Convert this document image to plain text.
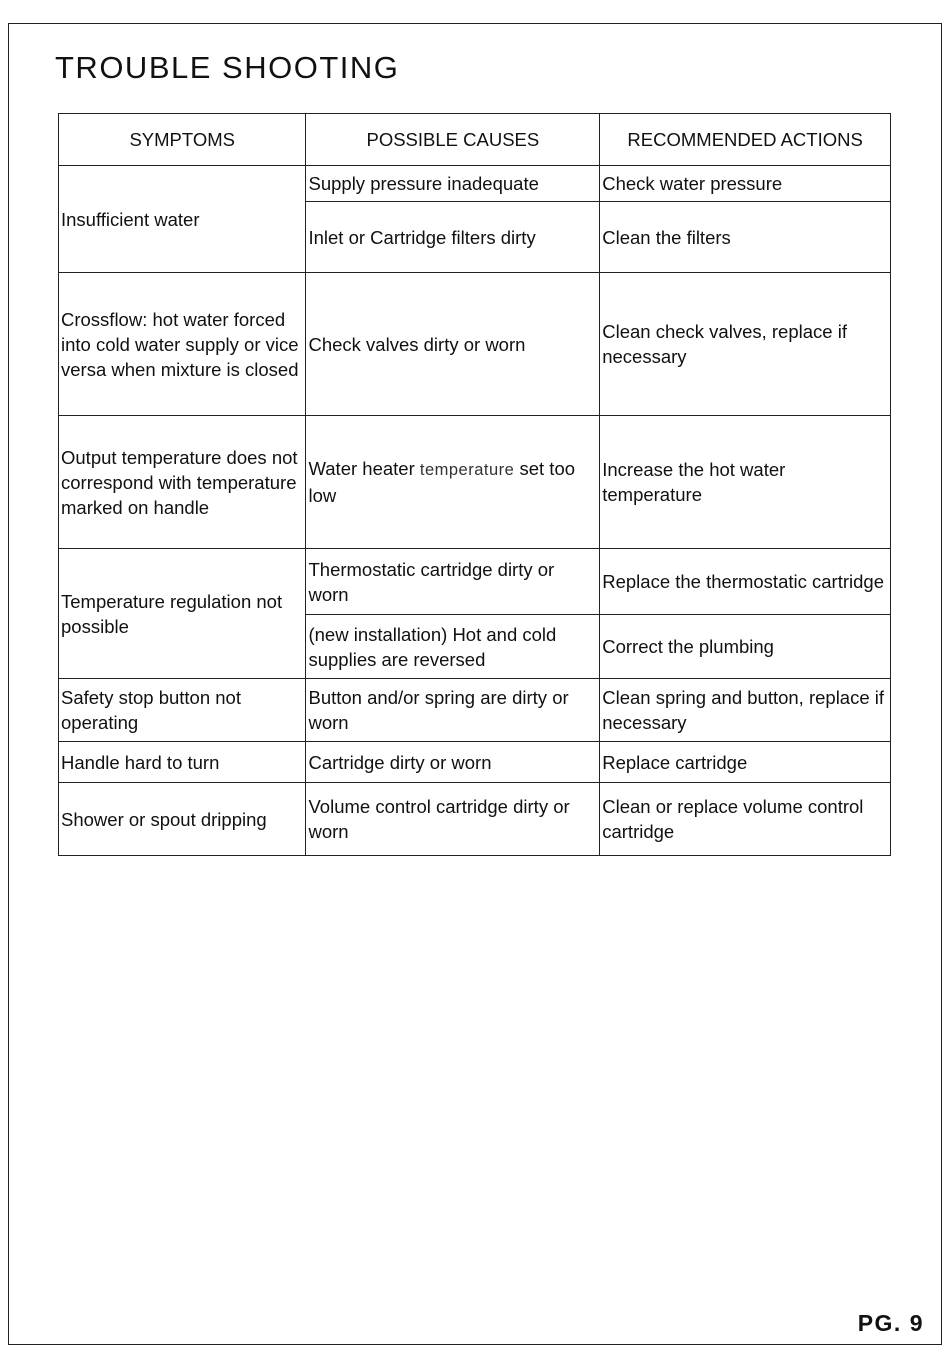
TROUBLE SHOOTING
SYMPTOMS	POSSIBLE CAUSES	RECOMMENDED ACTIONS
Insufficient water	Supply pressure inadequate	Check water pressure
	Inlet or Cartridge filters dirty	Clean the filters
Crossflow: hot water forced into cold water supply or vice versa when mixture is closed	Check valves dirty or worn	Clean check valves, replace if necessary
Output temperature does not correspond with temperature marked on handle	Water heater temperature set too low	Increase the hot water temperature
Temperature regulation not possible	Thermostatic cartridge dirty or worn	Replace the thermostatic cartridge
	(new installation) Hot and cold supplies are reversed	Correct the plumbing
Safety stop button not operating	Button and/or spring are dirty or worn	Clean spring and button, replace if necessary
Handle hard to turn	Cartridge dirty or worn	Replace cartridge
Shower or spout dripping	Volume control cartridge dirty or worn	Clean or replace volume control cartridge
PG. 9
